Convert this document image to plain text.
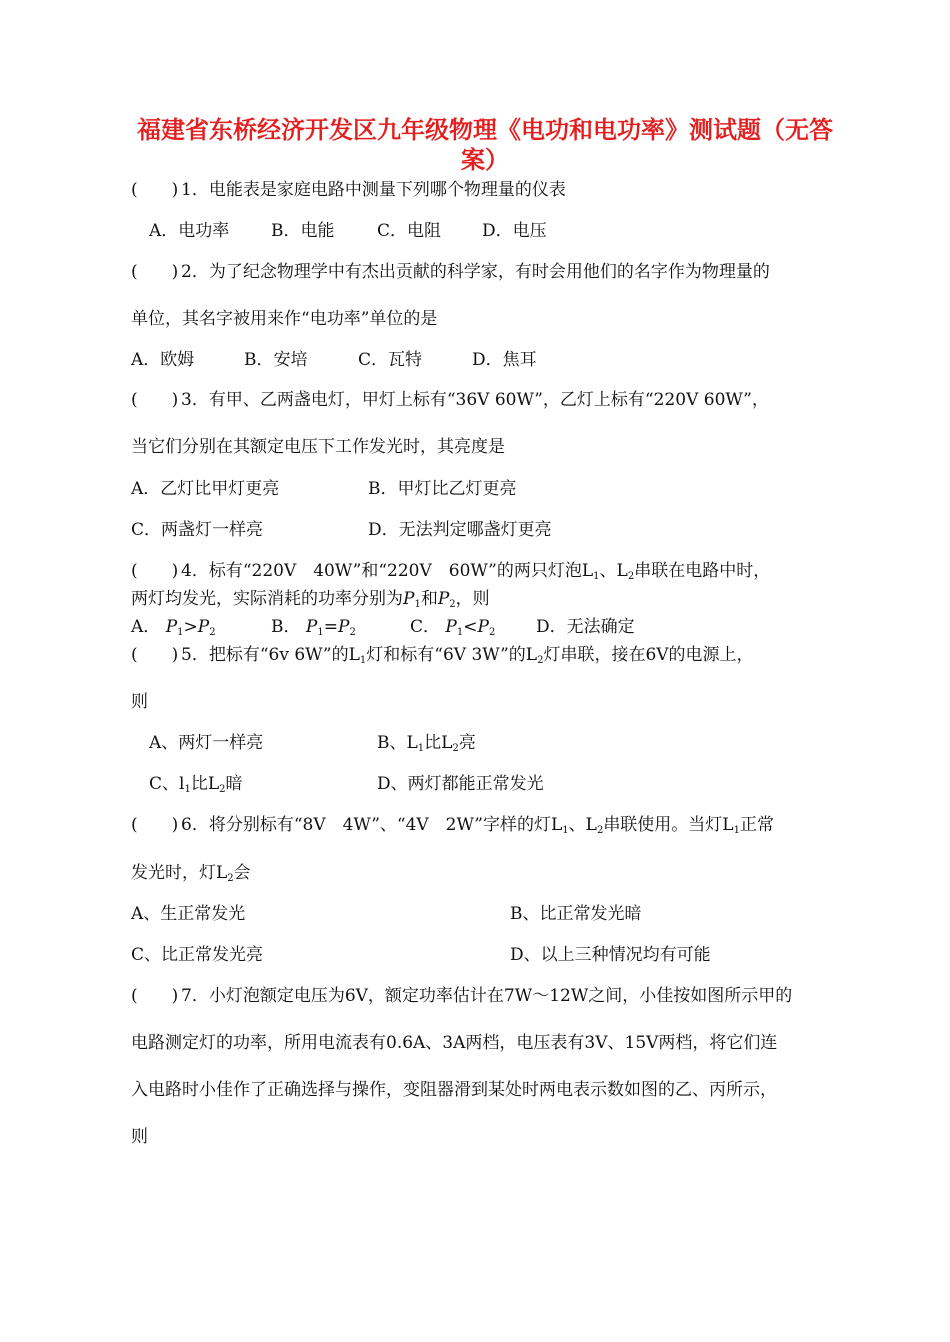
福建省东桥经济开发区九年级物理《电功和电功率》测试题（无答案）
(　　) 1．电能表是家庭电路中测量下列哪个物理量的仪表
A．电功率 B．电能	C．电阻 D．电压
(　　) 2．为了纪念物理学中有杰出贡献的科学家，有时会用他们的名字作为物理量的
单位，其名字被用来作“电功率”单位的是
A．欧姆	B．安培	C．瓦特	D．焦耳
(　　) 3．有甲、乙两盏电灯，甲灯上标有“36V 60W”，乙灯上标有“220V 60W”，
当它们分别在其额定电压下工作发光时，其亮度是
A．乙灯比甲灯更亮	B．甲灯比乙灯更亮
C．两盏灯一样亮	D．无法判定哪盏灯更亮
(　　) 4．标有“220V　40W”和“220V　60W”的两只灯泡$L_1$、$L_2$串联在电路中时，
两灯均发光，实际消耗的功率分别为$P_1$和$P_2$，则
A． $P_1>P_2$	B． $P_1=P_2$	C． $P_1<P_2$ D．无法确定
(　　) 5．把标有“6v 6W”的$L_1$灯和标有“6V 3W”的$L_2$灯串联，接在6V的电源上，
则
A、两灯一样亮	B、$L_1$比$L_2$亮
C、$l_1$比$L_2$暗	D、两灯都能正常发光
(　　) 6．将分别标有“8V　4W”、“4V　2W”字样的灯$L_1$、$L_2$串联使用。当灯$L_1$正常
发光时，灯$L_2$会
A、生正常发光	B、比正常发光暗
C、比正常发光亮	D、以上三种情况均有可能
(　　) 7．小灯泡额定电压为6V，额定功率估计在7W～12W之间，小佳按如图所示甲的
电路测定灯的功率，所用电流表有0.6A、3A两档，电压表有3V、15V两档，将它们连
入电路时小佳作了正确选择与操作，变阻器滑到某处时两电表示数如图的乙、丙所示，
则
